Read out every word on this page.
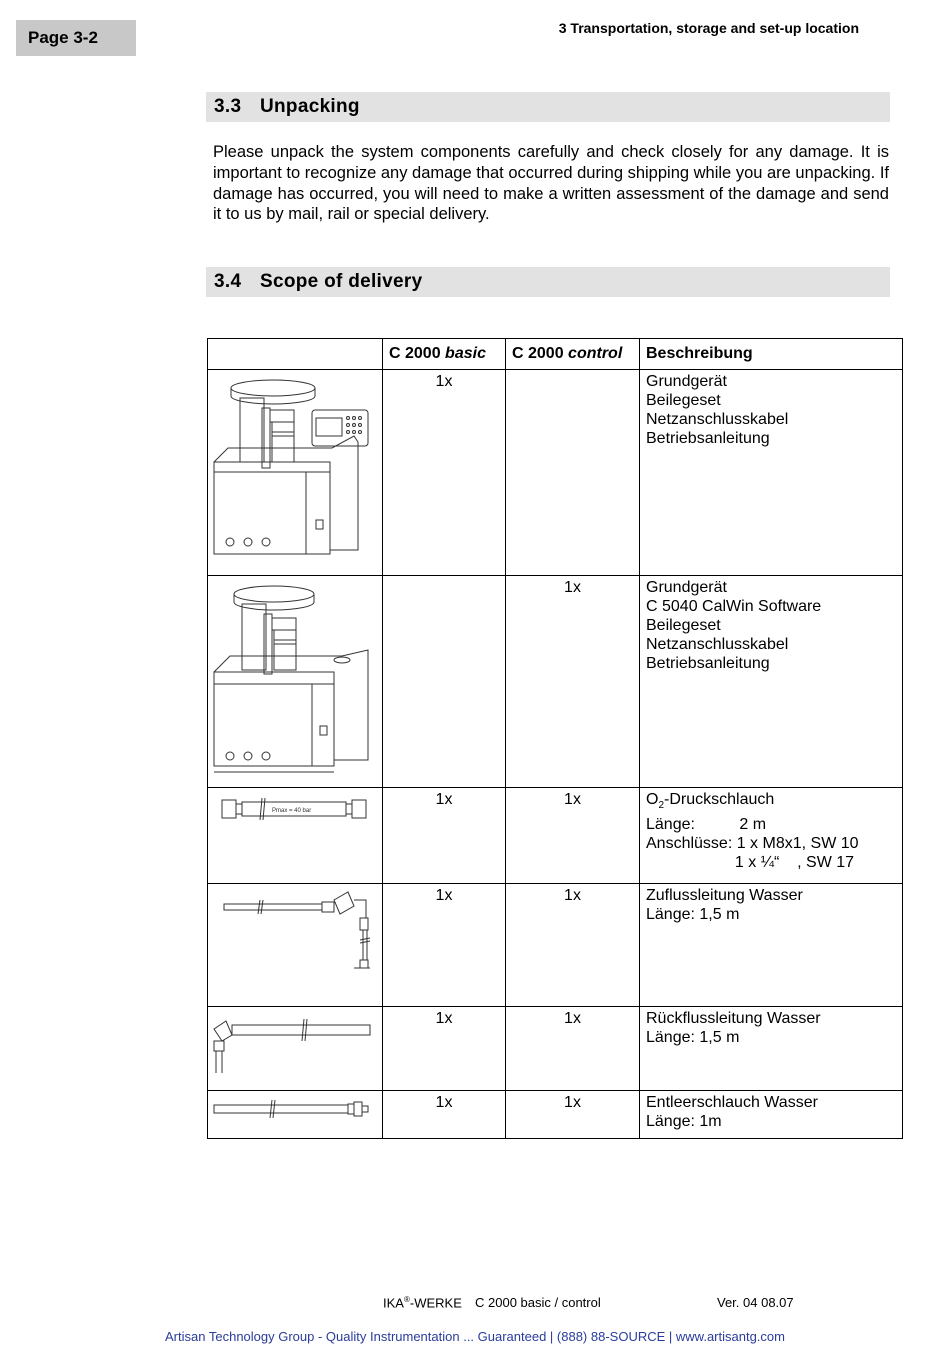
Page 3-2	3 Transportation, storage and set-up location
3.3 Unpacking
Please unpack the system components carefully and check closely for any damage. It is important to recognize any damage that occurred during shipping while you are unpacking. If damage has occurred, you will need to make a written assessment of the damage and send it to us by mail, rail or special delivery.
3.4 Scope of delivery
	C 2000 basic	C 2000 control	Beschreibung

	1x		Grundgerät
Beilegeset
Netzanschlusskabel
Betriebsanleitung

		1x	Grundgerät
C 5040 CalWin Software
Beilegeset
Netzanschlusskabel
Betriebsanleitung

Pmax = 40 bar	1x	1x	$O_2$-Druckschlauch
Länge:          2 m
Anschlüsse: 1 x M8x1, SW 10
1 x ¼“    , SW 17

	1x	1x	Zuflussleitung Wasser
Länge: 1,5 m

	1x	1x	Rückflussleitung Wasser
Länge: 1,5 m

	1x	1x	Entleerschlauch Wasser
Länge: 1m
IKA®-WERKE C 2000 basic / control	Ver. 04 08.07
Artisan Technology Group - Quality Instrumentation ... Guaranteed | (888) 88-SOURCE | www.artisantg.com
